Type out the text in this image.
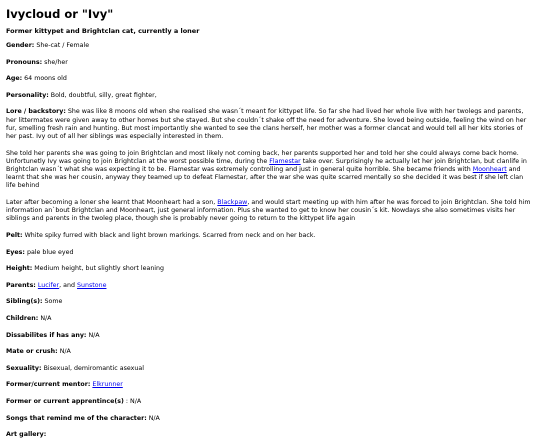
Ivycloud or "Ivy"
Former kittypet and Brightclan cat, currently a loner
Gender: She-cat / Female
Pronouns: she/her
Age: 64 moons old
Personality: Bold, doubtful, silly, great fighter,
Lore / backstory: She was like 8 moons old when she realised she wasn´t meant for kittypet life. So far she had lived her whole live with her twolegs and parents, her littermates were given away to other homes but she stayed. But she couldn´t shake off the need for adventure. She loved being outside, feeling the wind on her fur, smelling fresh rain and hunting. But most importantly she wanted to see the clans herself, her mother was a former clancat and would tell all her kits stories of her past. Ivy out of all her siblings was especially interested in them.
She told her parents she was going to join Brightclan and most likely not coming back, her parents supported her and told her she could always come back home. Unfortunetly Ivy was going to join Brightclan at the worst possible time, during the Flamestar take over. Surprisingly he actually let her join Brightclan, but clanlife in Brightclan wasn´t what she was expecting it to be. Flamestar was extremely controlling and just in general quite horrible. She became friends with Moonheart and learnt that she was her cousin, anyway they teamed up to defeat Flamestar, after the war she was quite scarred mentally so she decided it was best if she left clan life behind
Later after becoming a loner she learnt that Moonheart had a son, Blackpaw, and would start meeting up with him after he was forced to join Brightclan. She told him information an`bout Brightclan and Moonheart, just general information. Plus she wanted to get to know her cousin´s kit. Nowdays she also sometimes visits her siblings and parents in the twoleg place, though she is probably never going to return to the kittypet life again
Pelt: White spiky furred with black and light brown markings. Scarred from neck and on her back.
Eyes: pale blue eyed
Height: Medium height, but slightly short leaning
Parents: Lucifer, and Sunstone
Sibling(s): Some
Children: N/A
Dissabilites if has any: N/A
Mate or crush: N/A
Sexuality: Bisexual, demiromantic asexual
Former/current mentor: Elkrunner
Former or current apprentince(s) : N/A
Songs that remind me of the character: N/A
Art gallery:
